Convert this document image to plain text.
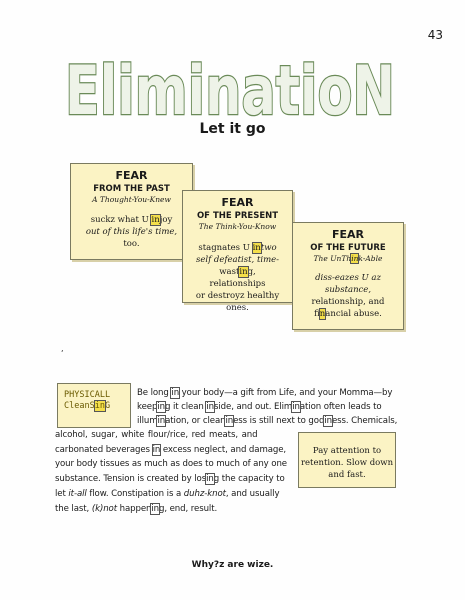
43
EliminatioN
Let it go
FEAR
FROM THE PAST
A Thought-You-Knew
suckz what U injoy
out of this life's time,
too.
FEAR
OF THE PRESENT
The Think-You-Know
stagnates U intwo
self defeatist, time-
wasting, relationships
or destroyz healthy
ones.
FEAR
OF THE FUTURE
The UnThink-Able
diss-eazes U az
substance,
relationship, and
financial abuse.
,
PHYSICALL
CleanSinG
Pay attention to
retention. Slow down
and fast.
Be long in your body—a gift from Life, and your Momma—by
keeping it clean inside, and out. Elimination often leads to
illumination, or cleaniness is still next to godiness. Chemicals,
alcohol, sugar, white flour/rice, red meats, and
carbonated beverages in excess neglect, and damage,
your body tissues as much as does to much of any one
substance. Tension is created by losing the capacity to
let it-all flow. Constipation is a duhz-knot, and usually
the last, (k)not happening, end, result.
Why?z are wize.
